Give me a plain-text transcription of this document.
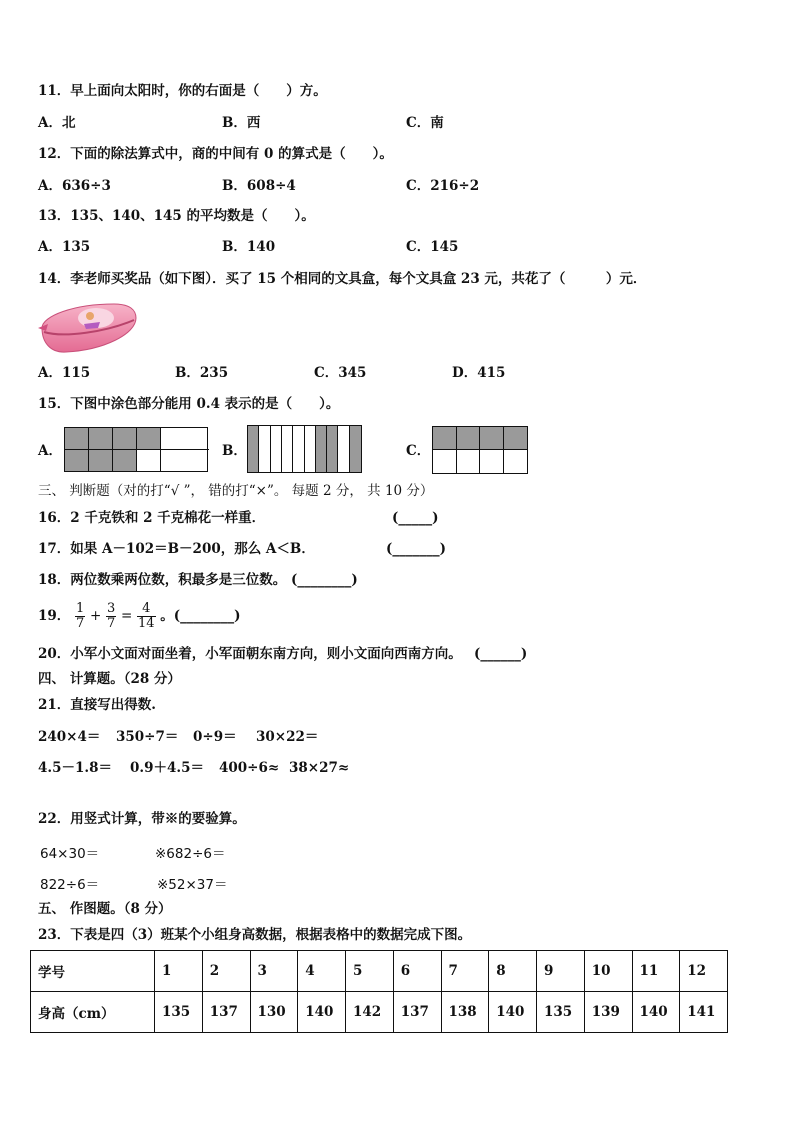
11．早上面向太阳时，你的右面是（　　）方。
A．北	B．西	C．南
12．下面的除法算式中，商的中间有 0 的算式是（　　）。
A．636÷3	B．608÷4	C．216÷2
13．135、140、145 的平均数是（　　）。
A．135	B．140	C．145
14．李老师买奖品（如下图）．买了 15 个相同的文具盒，每个文具盒 23 元，共花了（　　　）元．
A．115	B．235	C．345	D．415
15．下图中涂色部分能用 0.4 表示的是（　　）。
A．	B．	C．
三、 判断题（对的打“√ ”， 错的打“×”。 每题 2 分， 共 10 分）
16．2 千克铁和 2 千克棉花一样重．	(_____)
17．如果 A－102＝B－200，那么 A＜B．	(_______)
18．两位数乘两位数，积最多是三位数。 (________)
19． $\frac{1}{7} + \frac{3}{7} = \frac{4}{14}$ 。(________)
20．小军小文面对面坐着，小军面朝东南方向，则小文面向西南方向。 (______)
四、 计算题。（28 分）
21．直接写出得数.
240×4＝ 350÷7＝ 0÷9＝ 30×22＝
4.5－1.8＝ 0.9＋4.5＝ 400÷6≈ 38×27≈
22．用竖式计算，带※的要验算。
64×30＝	※682÷6＝
822÷6＝	※52×37＝
五、 作图题。（8 分）
23．下表是四（3）班某个小组身高数据，根据表格中的数据完成下图。
学号	1	2	3	4	5	6	7	8	9	10	11	12
身高（cm）	135	137	130	140	142	137	138	140	135	139	140	141
